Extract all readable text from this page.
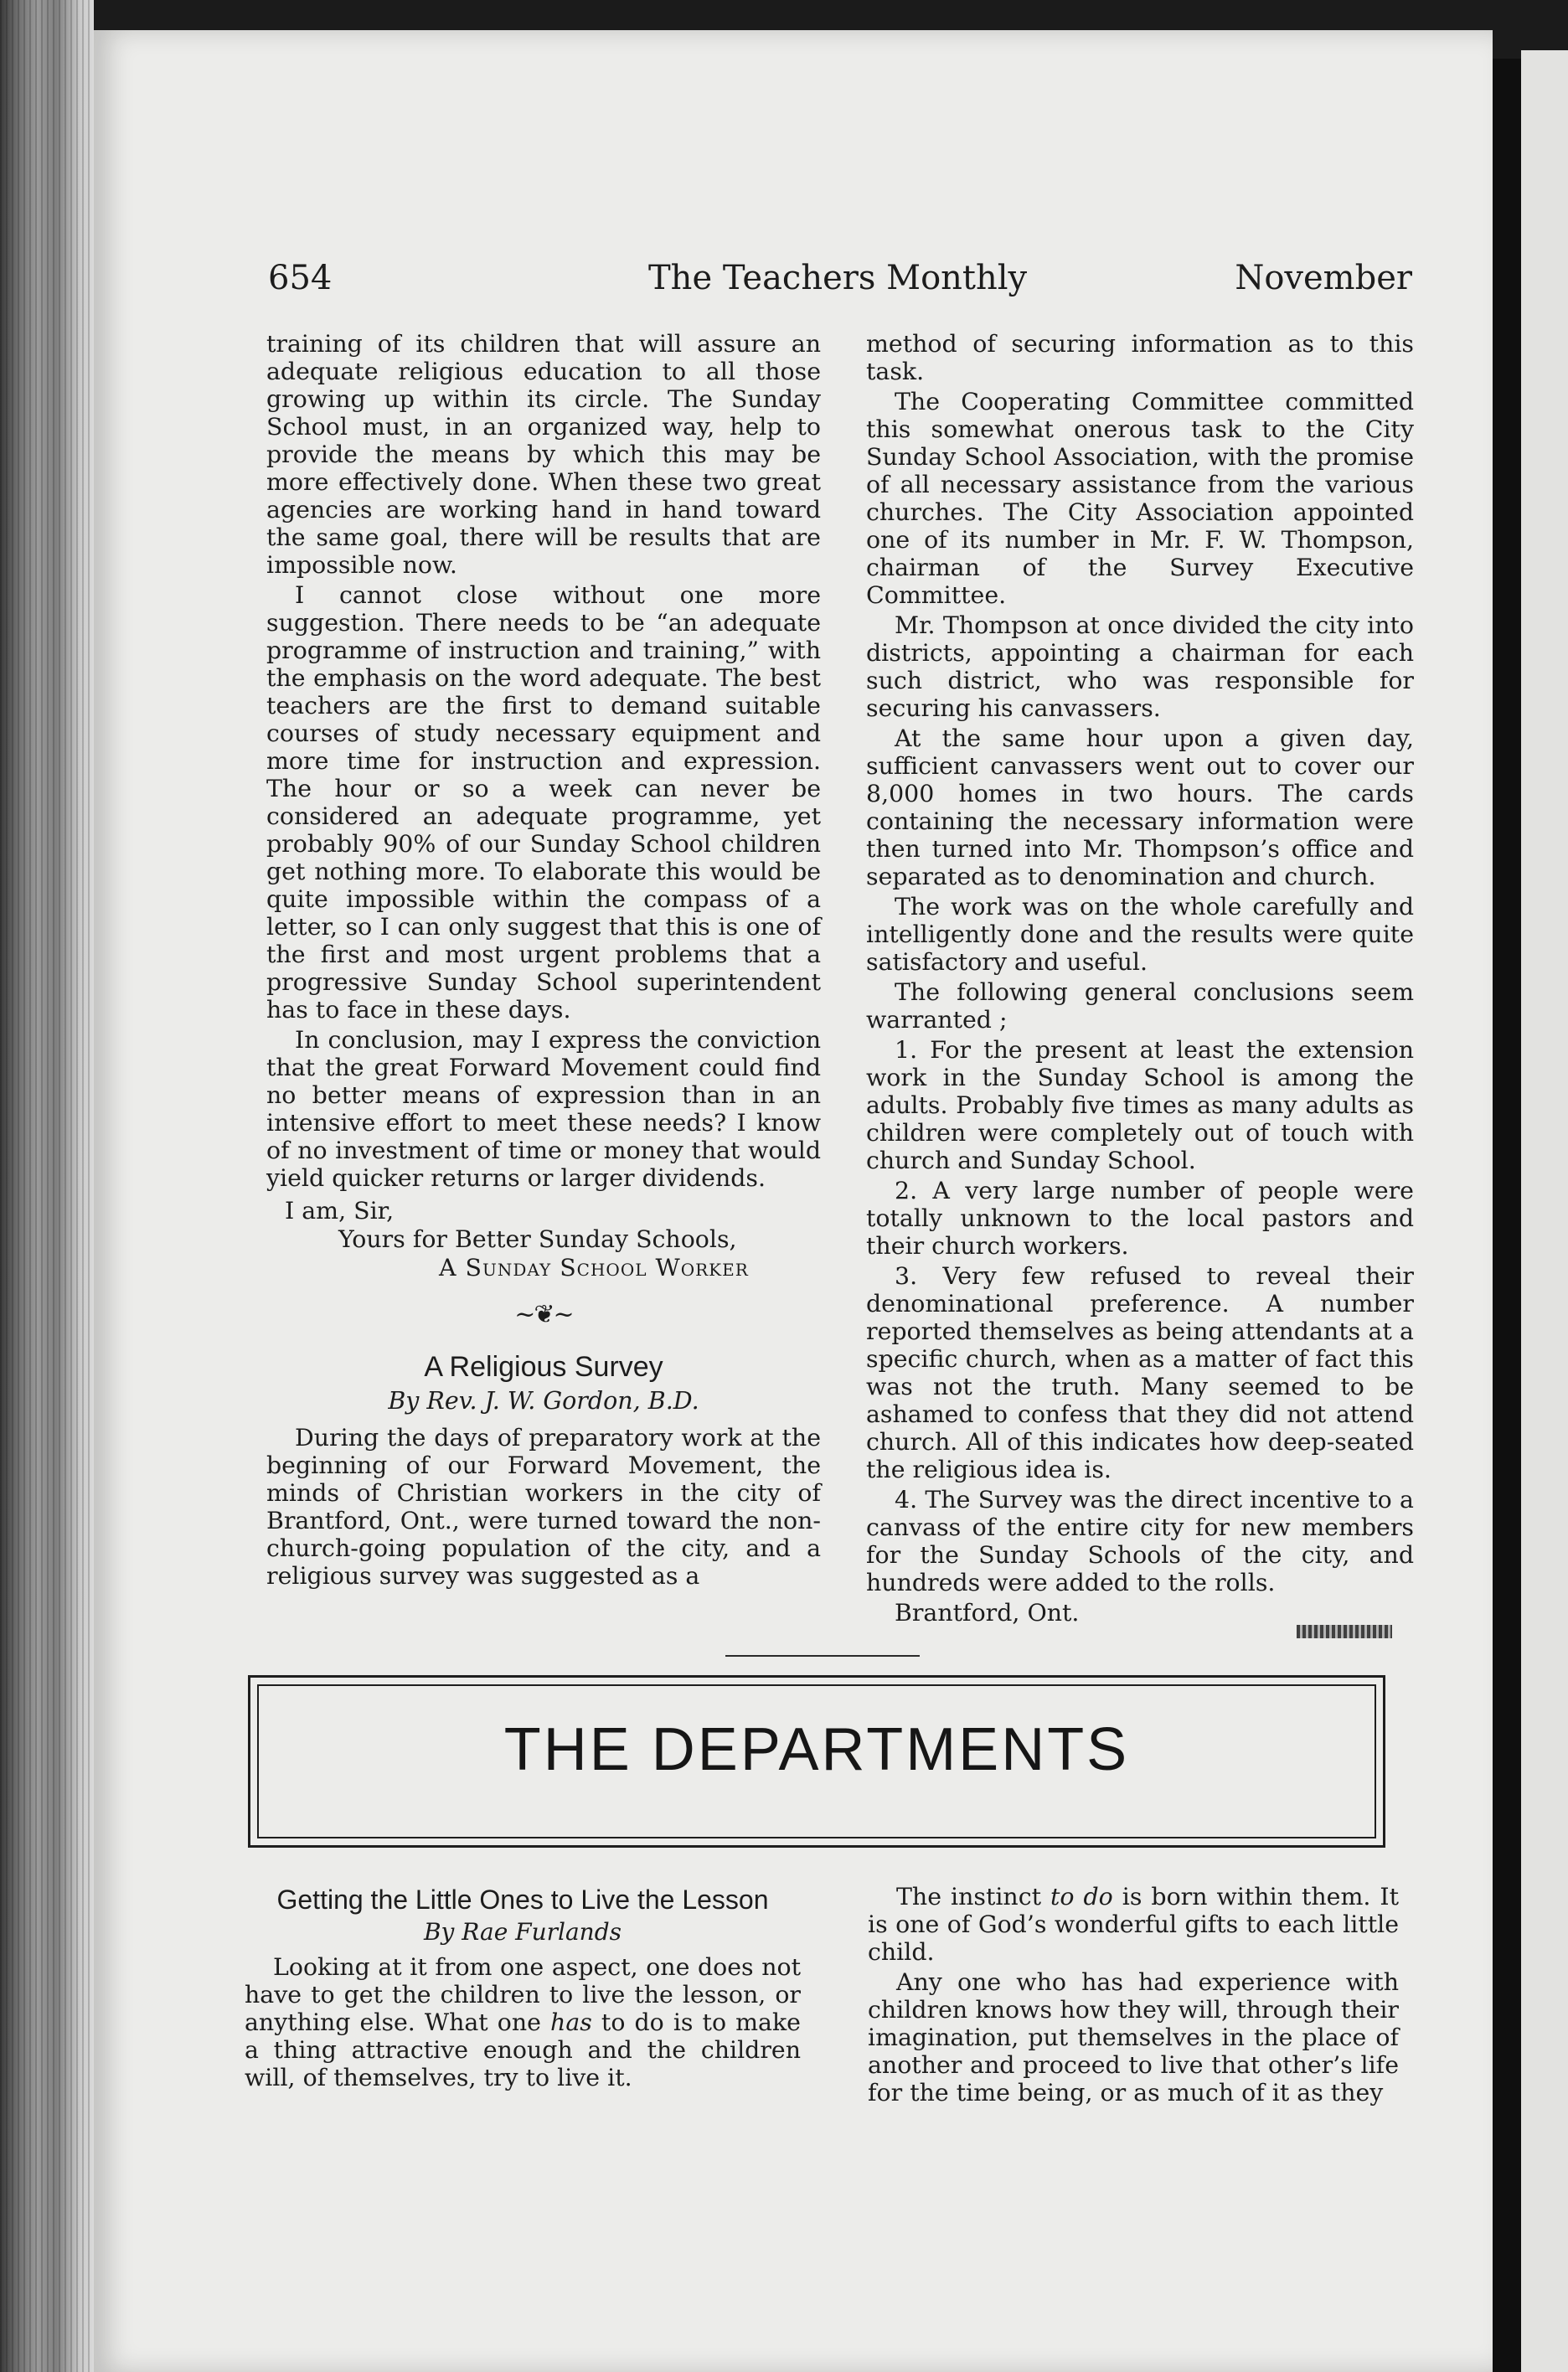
654	The Teachers Monthly	November

training of its children that will assure an adequate religious education to all those growing up within its circle. The Sunday School must, in an organized way, help to provide the means by which this may be more effectively done. When these two great agencies are working hand in hand toward the same goal, there will be results that are impossible now.

I cannot close without one more suggestion. There needs to be “an adequate programme of instruction and training,” with the emphasis on the word adequate. The best teachers are the first to demand suitable courses of study necessary equipment and more time for instruction and expression. The hour or so a week can never be considered an adequate programme, yet probably 90% of our Sunday School children get nothing more. To elaborate this would be quite impossible within the compass of a letter, so I can only suggest that this is one of the first and most urgent problems that a progressive Sunday School superintendent has to face in these days.

In conclusion, may I express the conviction that the great Forward Movement could find no better means of expression than in an intensive effort to meet these needs? I know of no investment of time or money that would yield quicker returns or larger dividends.

I am, Sir,
Yours for Better Sunday Schools,
A Sunday School Worker
~❦~
A Religious Survey
By Rev. J. W. Gordon, B.D.

During the days of preparatory work at the beginning of our Forward Movement, the minds of Christian workers in the city of Brantford, Ont., were turned toward the non-church-going population of the city, and a religious survey was suggested as a

method of securing information as to this task.

The Cooperating Committee committed this somewhat onerous task to the City Sunday School Association, with the promise of all necessary assistance from the various churches. The City Association appointed one of its number in Mr. F. W. Thompson, chairman of the Survey Executive Committee.

Mr. Thompson at once divided the city into districts, appointing a chairman for each such district, who was responsible for securing his canvassers.

At the same hour upon a given day, sufficient canvassers went out to cover our 8,000 homes in two hours. The cards containing the necessary information were then turned into Mr. Thompson’s office and separated as to denomination and church.

The work was on the whole carefully and intelligently done and the results were quite satisfactory and useful.

The following general conclusions seem warranted ;

1. For the present at least the extension work in the Sunday School is among the adults. Probably five times as many adults as children were completely out of touch with church and Sunday School.

2. A very large number of people were totally unknown to the local pastors and their church workers.

3. Very few refused to reveal their denominational preference. A number reported themselves as being attendants at a specific church, when as a matter of fact this was not the truth. Many seemed to be ashamed to confess that they did not attend church. All of this indicates how deep-seated the religious idea is.

4. The Survey was the direct incentive to a canvass of the entire city for new members for the Sunday Schools of the city, and hundreds were added to the rolls.

Brantford, Ont.

THE DEPARTMENTS
Getting the Little Ones to Live the Lesson
By Rae Furlands

Looking at it from one aspect, one does not have to get the children to live the lesson, or anything else. What one has to do is to make a thing attractive enough and the children will, of themselves, try to live it.

The instinct to do is born within them. It is one of God’s wonderful gifts to each little child.

Any one who has had experience with children knows how they will, through their imagination, put themselves in the place of another and proceed to live that other’s life for the time being, or as much of it as they
